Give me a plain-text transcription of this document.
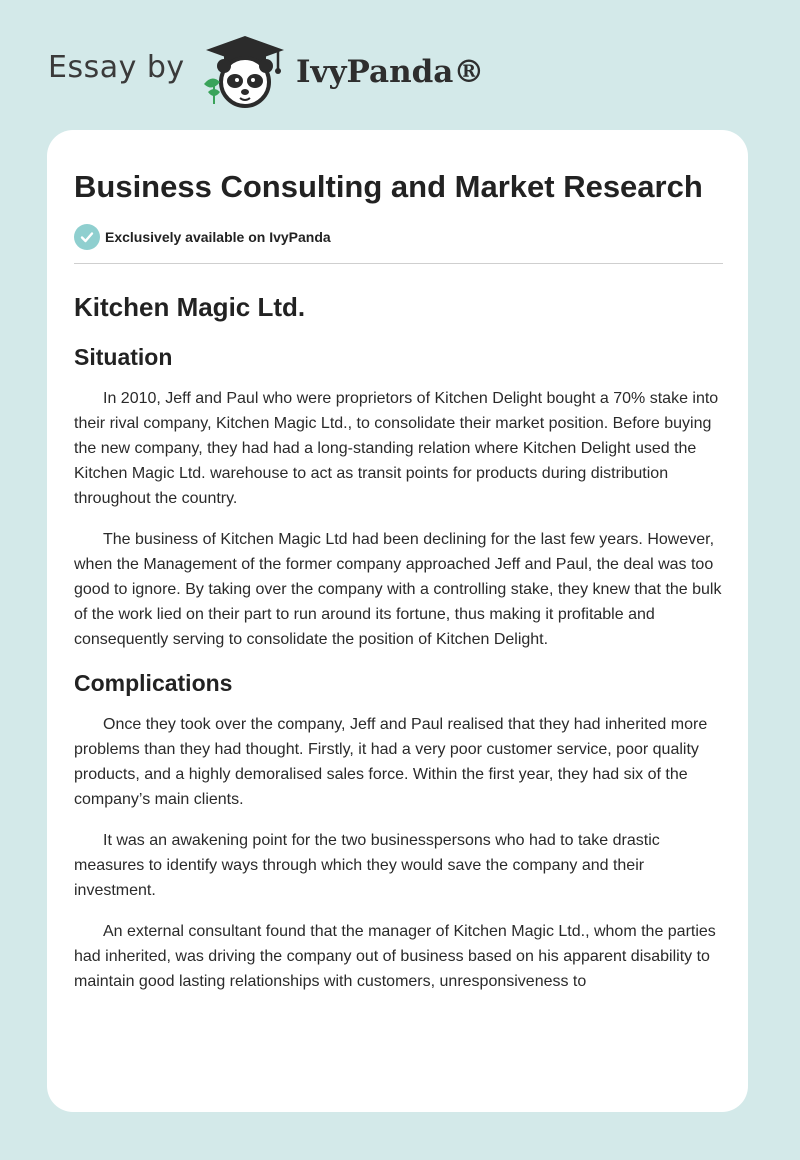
Essay by	IvyPanda®
Business Consulting and Market Research
Exclusively available on IvyPanda
Kitchen Magic Ltd.
Situation

In 2010, Jeff and Paul who were proprietors of Kitchen Delight bought a 70% stake into their rival company, Kitchen Magic Ltd., to consolidate their market position. Before buying the new company, they had had a long-standing relation where Kitchen Delight used the Kitchen Magic Ltd. warehouse to act as transit points for products during distribution throughout the country.

The business of Kitchen Magic Ltd had been declining for the last few years. However, when the Management of the former company approached Jeff and Paul, the deal was too good to ignore. By taking over the company with a controlling stake, they knew that the bulk of the work lied on their part to run around its fortune, thus making it profitable and consequently serving to consolidate the position of Kitchen Delight.

Complications

Once they took over the company, Jeff and Paul realised that they had inherited more problems than they had thought. Firstly, it had a very poor customer service, poor quality products, and a highly demoralised sales force. Within the first year, they had six of the company’s main clients.

It was an awakening point for the two businesspersons who had to take drastic measures to identify ways through which they would save the company and their investment.

An external consultant found that the manager of Kitchen Magic Ltd., whom the parties had inherited, was driving the company out of business based on his apparent disability to maintain good lasting relationships with customers, unresponsiveness to
